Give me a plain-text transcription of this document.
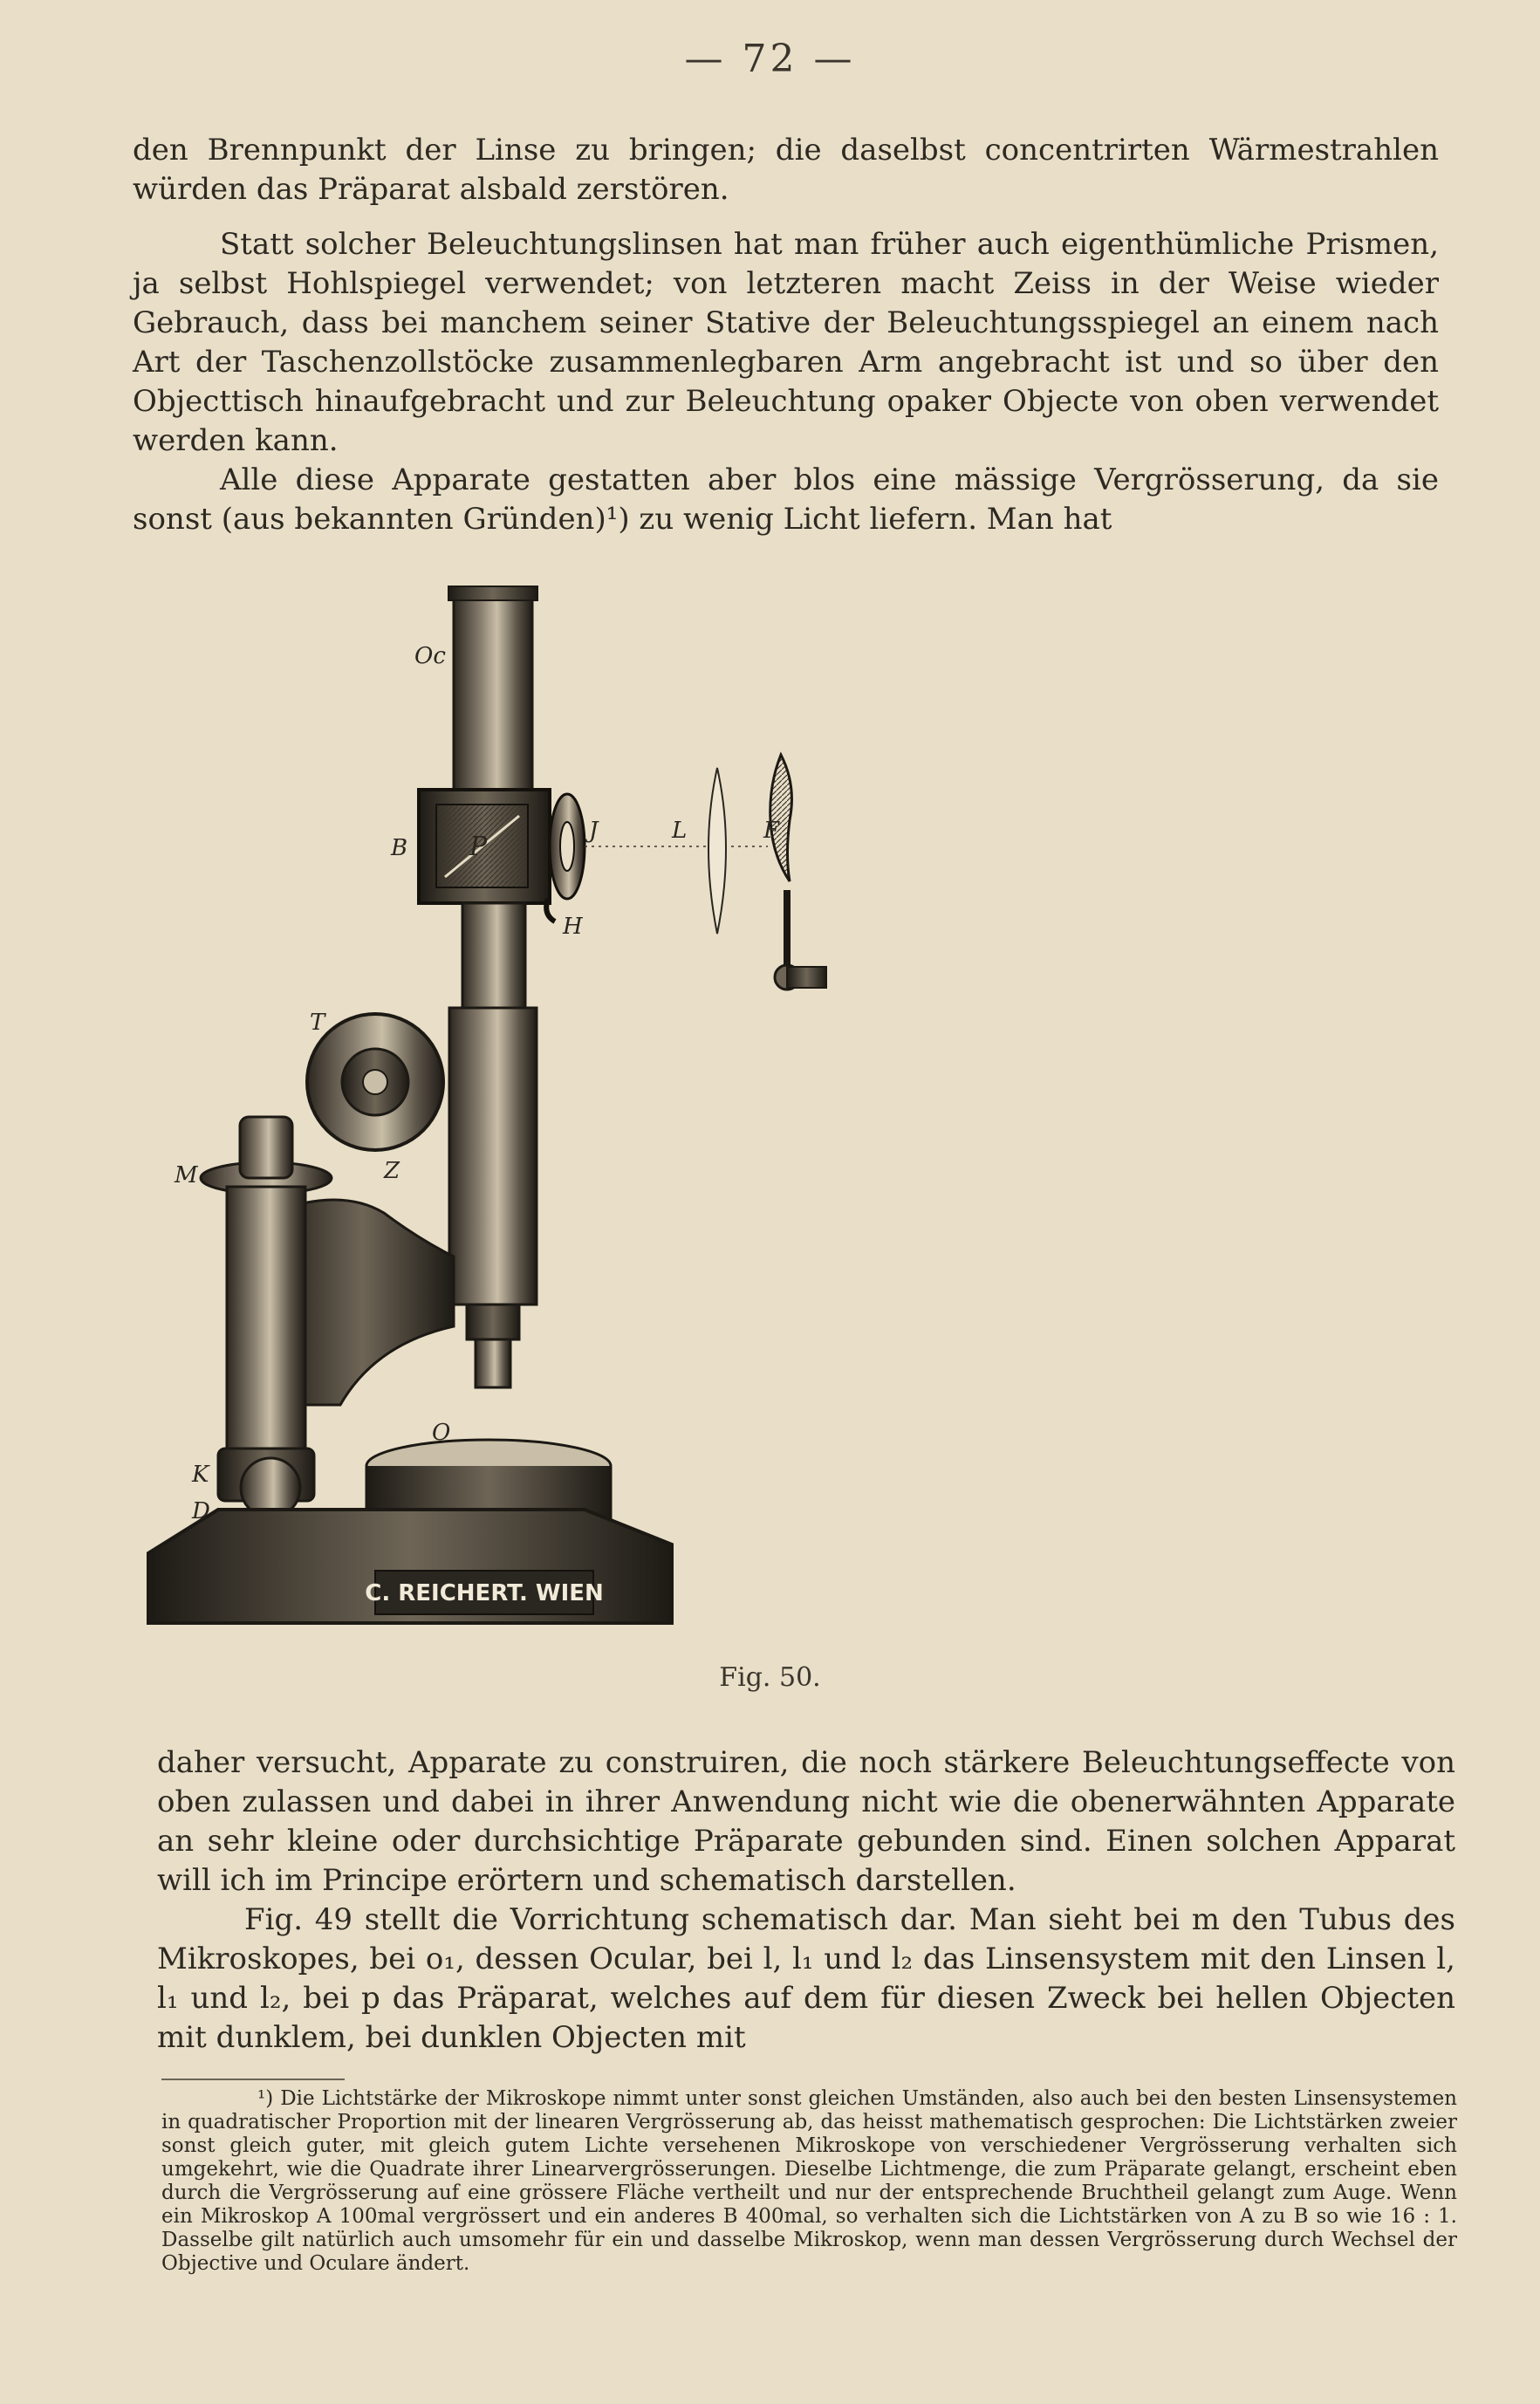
— 72 —

den Brennpunkt der Linse zu bringen; die daselbst concentrirten Wärmestrahlen würden das Präparat alsbald zerstören.

Statt solcher Beleuchtungslinsen hat man früher auch eigenthümliche Prismen, ja selbst Hohlspiegel verwendet; von letzteren macht Zeiss in der Weise wieder Gebrauch, dass bei manchem seiner Stative der Beleuchtungsspiegel an einem nach Art der Taschenzollstöcke zusammenlegbaren Arm angebracht ist und so über den Objecttisch hinaufgebracht und zur Beleuchtung opaker Objecte von oben verwendet werden kann.

Alle diese Apparate gestatten aber blos eine mässige Vergrösserung, da sie sonst (aus bekannten Gründen)¹) zu wenig Licht liefern. Man hat

C. REICHERT. WIEN
Oc
B P
J	L	F
H
T
M	Z
O
K
D
Fig. 50.

daher versucht, Apparate zu construiren, die noch stärkere Beleuchtungseffecte von oben zulassen und dabei in ihrer Anwendung nicht wie die obenerwähnten Apparate an sehr kleine oder durchsichtige Präparate gebunden sind. Einen solchen Apparat will ich im Principe erörtern und schematisch darstellen.

Fig. 49 stellt die Vorrichtung schematisch dar. Man sieht bei m den Tubus des Mikroskopes, bei o₁, dessen Ocular, bei l, l₁ und l₂ das Linsensystem mit den Linsen l, l₁ und l₂, bei p das Präparat, welches auf dem für diesen Zweck bei hellen Objecten mit dunklem, bei dunklen Objecten mit

¹) Die Lichtstärke der Mikroskope nimmt unter sonst gleichen Umständen, also auch bei den besten Linsensystemen in quadratischer Proportion mit der linearen Vergrösserung ab, das heisst mathematisch gesprochen: Die Lichtstärken zweier sonst gleich guter, mit gleich gutem Lichte versehenen Mikroskope von verschiedener Vergrösserung verhalten sich umgekehrt, wie die Quadrate ihrer Linearvergrösserungen. Dieselbe Lichtmenge, die zum Präparate gelangt, erscheint eben durch die Vergrösserung auf eine grössere Fläche vertheilt und nur der entsprechende Bruchtheil gelangt zum Auge. Wenn ein Mikroskop A 100mal vergrössert und ein anderes B 400mal, so verhalten sich die Lichtstärken von A zu B so wie 16 : 1. Dasselbe gilt natürlich auch umsomehr für ein und dasselbe Mikroskop, wenn man dessen Vergrösserung durch Wechsel der Objective und Oculare ändert.
